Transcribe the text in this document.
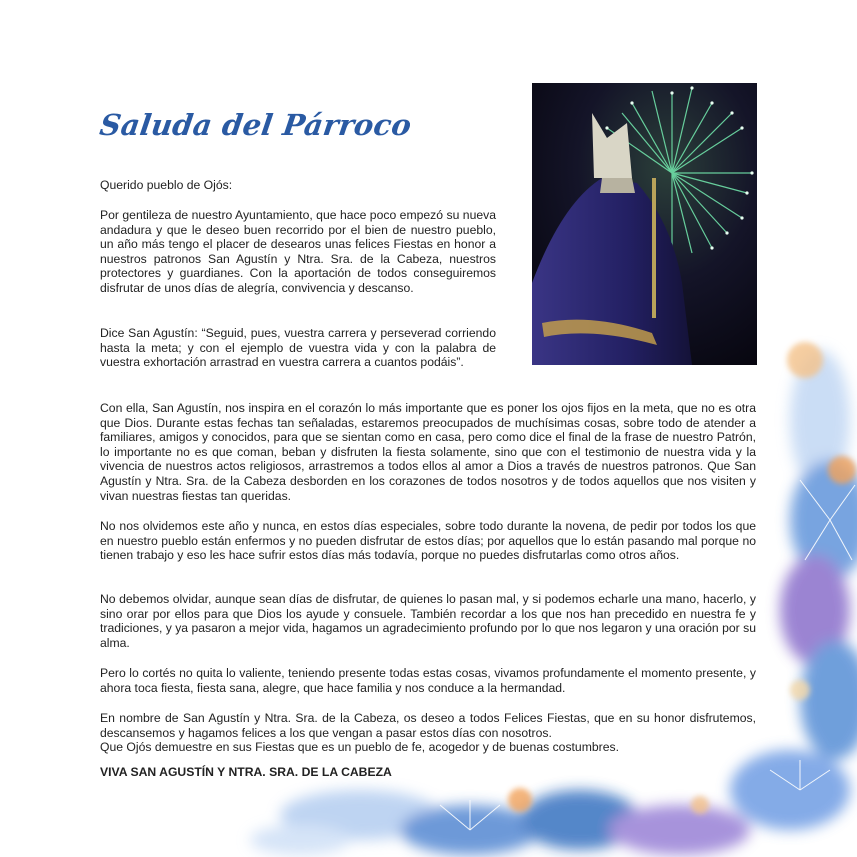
Saluda del Párroco

Querido pueblo de Ojós:

Por gentileza de nuestro Ayuntamiento, que hace poco empezó su nueva andadura y que le deseo buen recorrido por el bien de nuestro pueblo, un año más tengo el placer de desearos unas felices Fiestas en honor a nuestros patronos San Agustín y Ntra. Sra. de la Cabeza, nuestros protectores y guardianes. Con la aportación de todos conseguiremos disfrutar de unos días de alegría, convivencia y descanso.

Dice San Agustín: “Seguid, pues, vuestra carrera y perseverad corriendo hasta la meta; y con el ejemplo de vuestra vida y con la palabra de vuestra exhortación arrastrad en vuestra carrera a cuantos podáis”.

Con ella, San Agustín, nos inspira en el corazón lo más importante que es poner los ojos fijos en la meta, que no es otra que Dios. Durante estas fechas tan señaladas, estaremos preocupados de muchísimas cosas, sobre todo de atender a familiares, amigos y conocidos, para que se sientan como en casa, pero como dice el final de la frase de nuestro Patrón, lo importante no es que coman, beban y disfruten la fiesta solamente, sino que con el testimonio de nuestra vida y la vivencia de nuestros actos religiosos, arrastremos a todos ellos al amor a Dios a través de nuestros patronos. Que San Agustín y Ntra. Sra. de la Cabeza desborden en los corazones de todos nosotros y de todos aquellos que nos visiten y vivan nuestras fiestas tan queridas.

No nos olvidemos este año y nunca, en estos días especiales, sobre todo durante la novena, de pedir por todos los que en nuestro pueblo están enfermos y no pueden disfrutar de estos días; por aquellos que lo están pasando mal porque no tienen trabajo y eso les hace sufrir estos días más todavía, porque no puedes disfrutarlas como otros años.

No debemos olvidar, aunque sean días de disfrutar, de quienes lo pasan mal, y si podemos echarle una mano, hacerlo, y sino orar por ellos para que Dios los ayude y consuele. También recordar a los que nos han precedido en nuestra fe y tradiciones, y ya pasaron a mejor vida, hagamos un agradecimiento profundo por lo que nos legaron y una oración por su alma.

Pero lo cortés no quita lo valiente, teniendo presente todas estas cosas, vivamos profundamente el momento presente, y ahora toca fiesta, fiesta sana, alegre, que hace familia y nos conduce a la hermandad.

En nombre de San Agustín y Ntra. Sra. de la Cabeza, os deseo a todos Felices Fiestas, que en su honor disfrutemos, descansemos y hagamos felices a los que vengan a pasar estos días con nosotros.

Que Ojós demuestre en sus Fiestas que es un pueblo de fe, acogedor y de buenas costumbres.

VIVA SAN AGUSTÍN Y NTRA. SRA. DE LA CABEZA
